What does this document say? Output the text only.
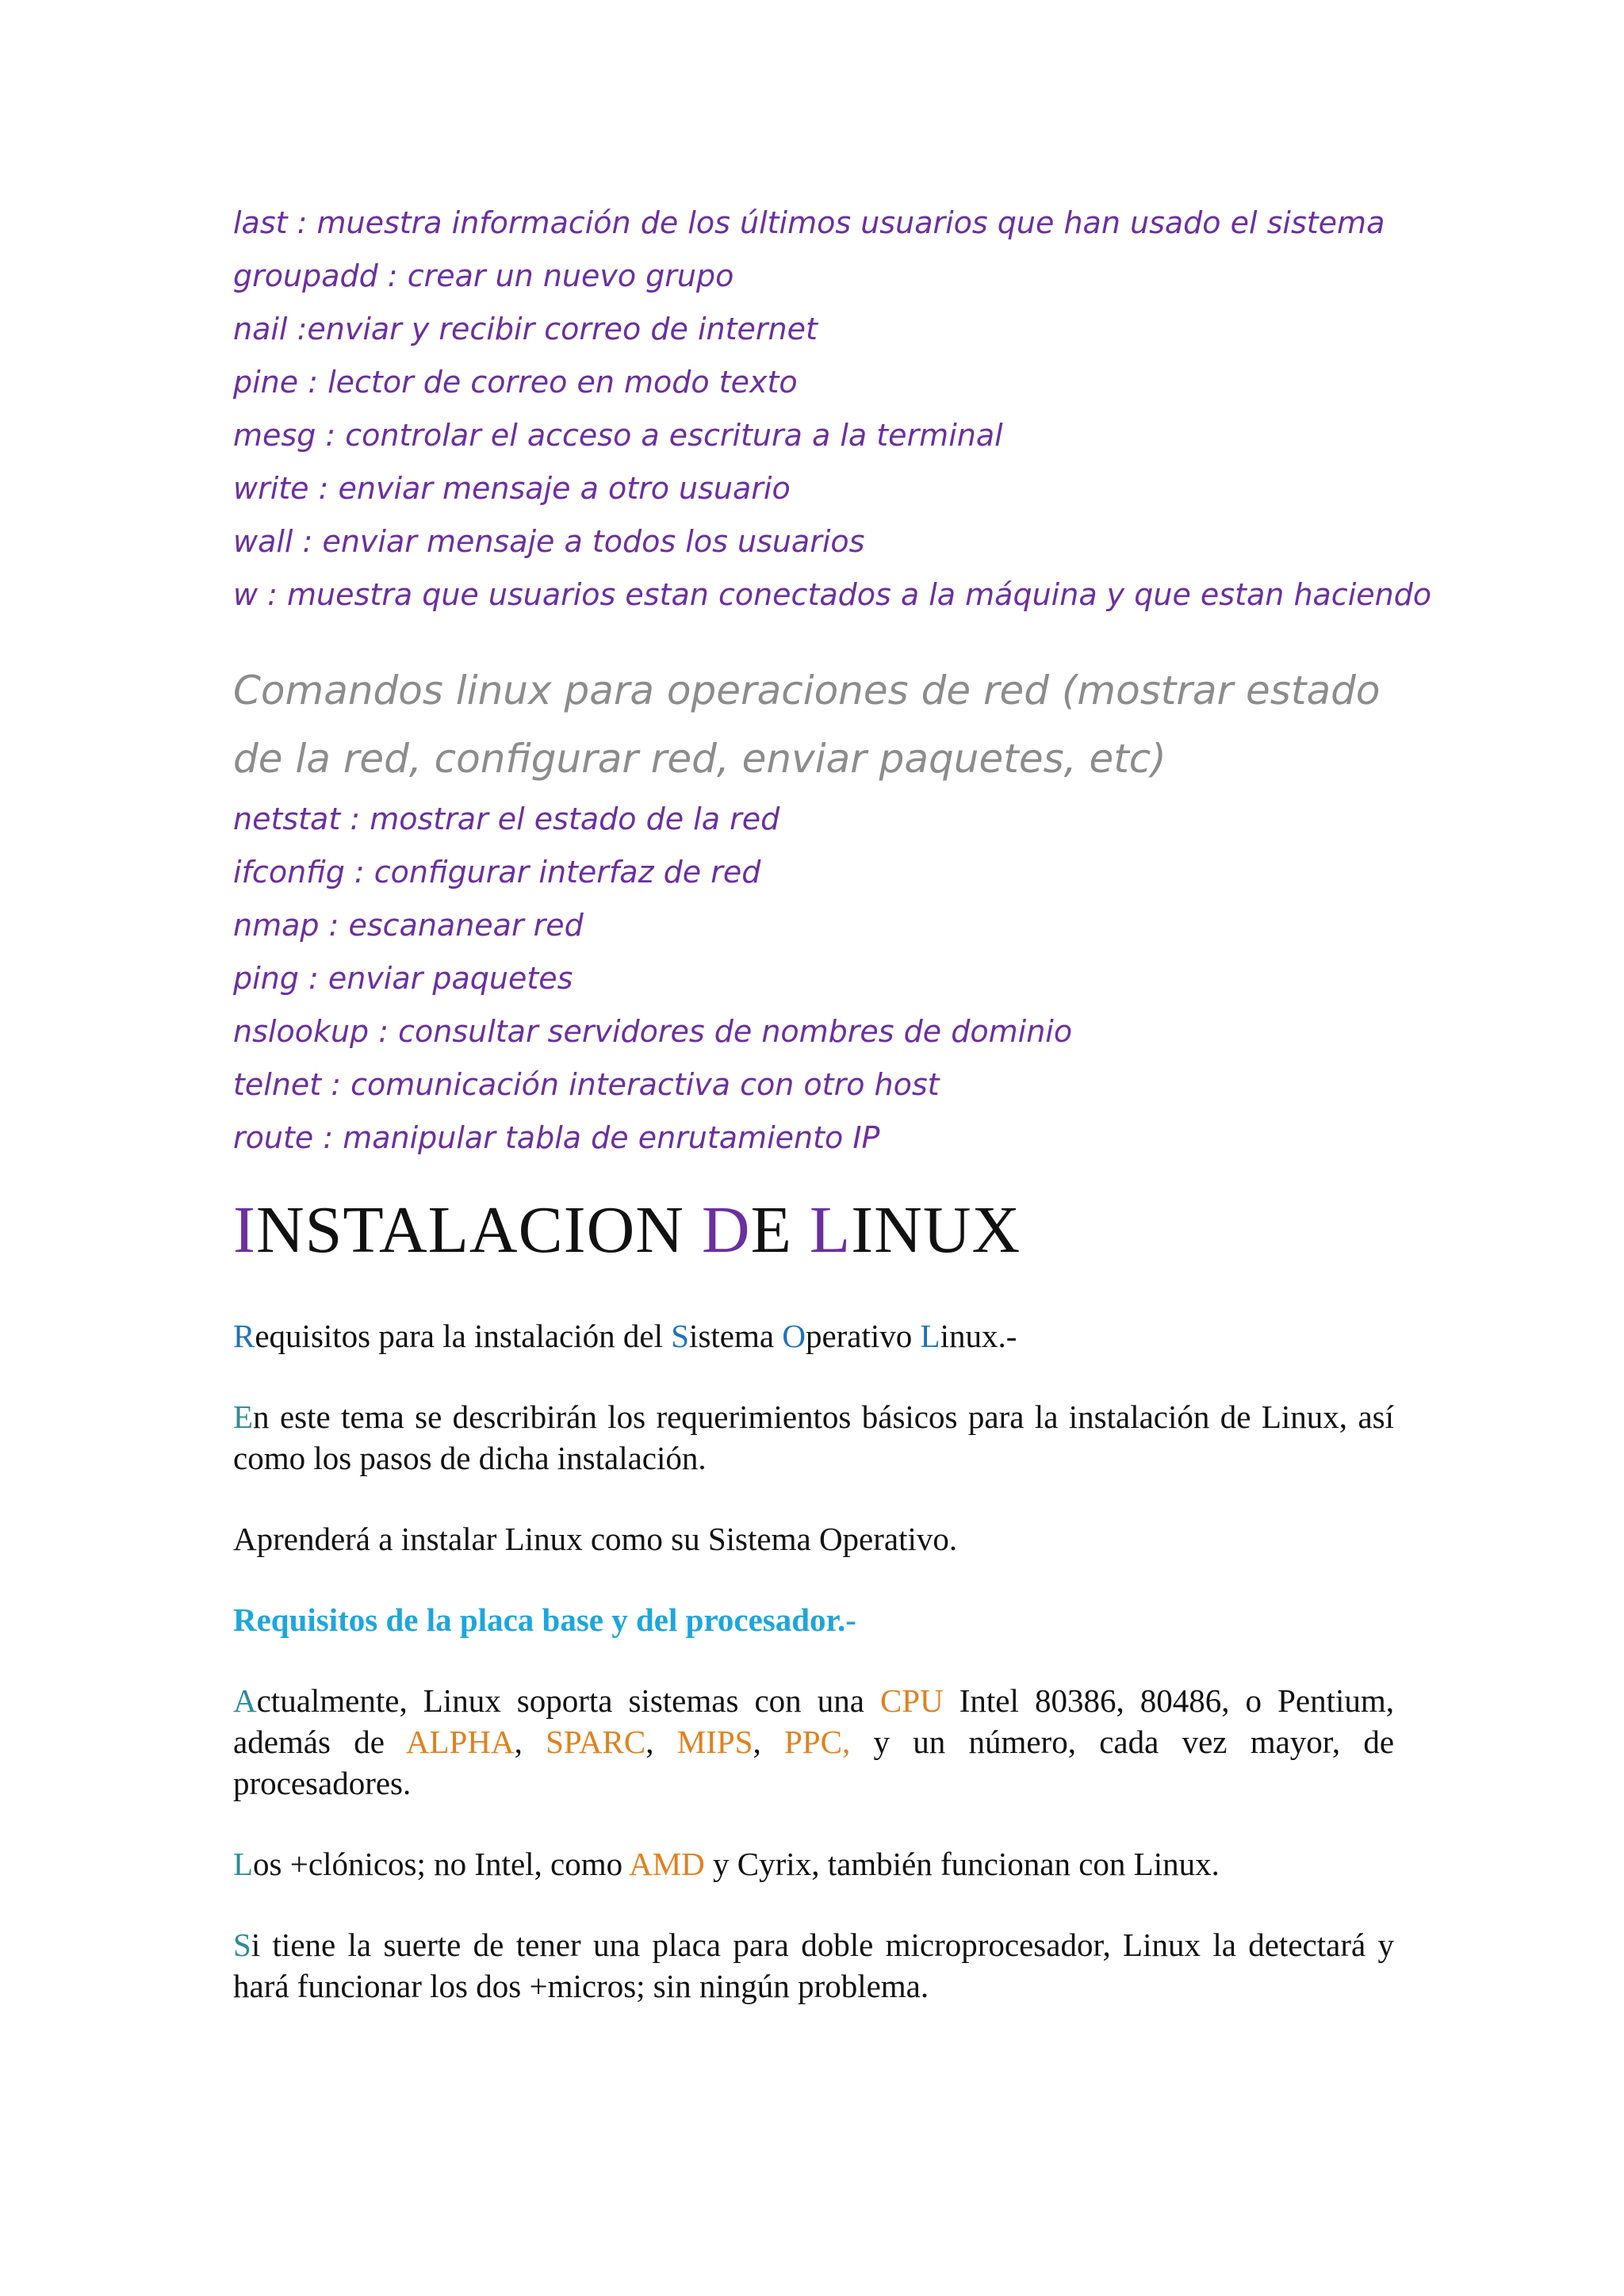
last : muestra información de los últimos usuarios que han usado el sistema
groupadd : crear un nuevo grupo
nail :enviar y recibir correo de internet
pine : lector de correo en modo texto
mesg : controlar el acceso a escritura a la terminal
write : enviar mensaje a otro usuario
wall : enviar mensaje a todos los usuarios
w : muestra que usuarios estan conectados a la máquina y que estan haciendo
Comandos linux para operaciones de red (mostrar estado de la red, configurar red, enviar paquetes, etc)
netstat : mostrar el estado de la red
ifconfig : configurar interfaz de red
nmap : escananear red
ping : enviar paquetes
nslookup : consultar servidores de nombres de dominio
telnet : comunicación interactiva con otro host
route : manipular tabla de enrutamiento IP
INSTALACION DE LINUX

Requisitos para la instalación del Sistema Operativo Linux.-

En este tema se describirán los requerimientos básicos para la instalación de Linux, así como los pasos de dicha instalación.

Aprenderá a instalar Linux como su Sistema Operativo.

Requisitos de la placa base y del procesador.-

Actualmente, Linux soporta sistemas con una CPU Intel 80386, 80486, o Pentium, además de ALPHA, SPARC, MIPS, PPC, y un número, cada vez mayor, de procesadores.

Los +clónicos; no Intel, como AMD y Cyrix, también funcionan con Linux.

Si tiene la suerte de tener una placa para doble microprocesador, Linux la detectará y hará funcionar los dos +micros; sin ningún problema.
